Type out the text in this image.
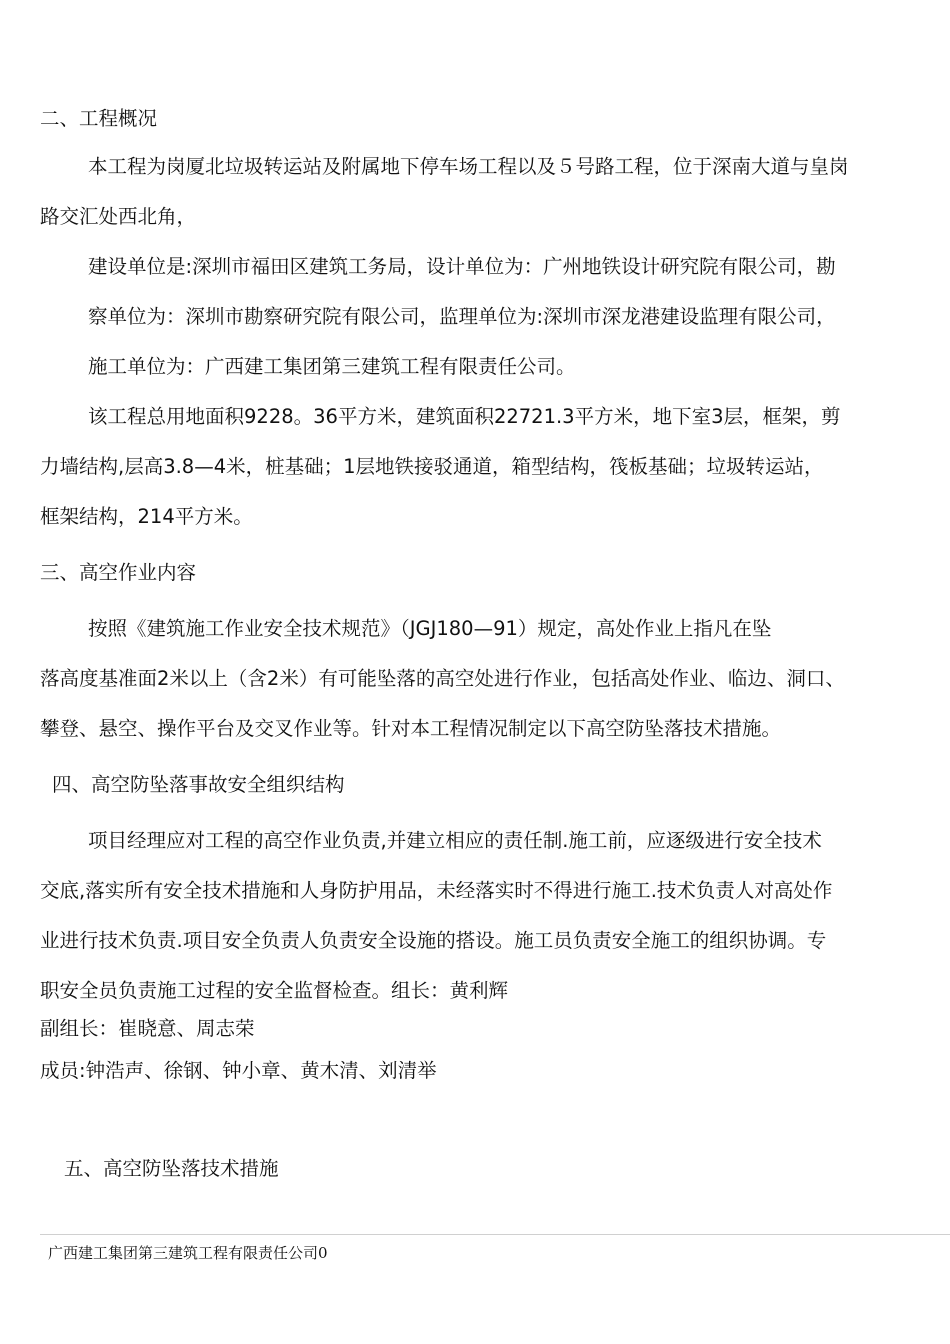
二、工程概况
本工程为岗厦北垃圾转运站及附属地下停车场工程以及５号路工程，位于深南大道与皇岗
路交汇处西北角，
建设单位是:深圳市福田区建筑工务局，设计单位为：广州地铁设计研究院有限公司，勘
察单位为：深圳市勘察研究院有限公司，监理单位为:深圳市深龙港建设监理有限公司，
施工单位为：广西建工集团第三建筑工程有限责任公司。
该工程总用地面积9228。36平方米，建筑面积22721.3平方米，地下室3层，框架，剪
力墙结构,层高3.8—4米，桩基础；1层地铁接驳通道，箱型结构，筏板基础；垃圾转运站，
框架结构，214平方米。
三、高空作业内容
按照《建筑施工作业安全技术规范》（JGJ180—91）规定，高处作业上指凡在坠
落高度基准面2米以上（含2米）有可能坠落的高空处进行作业，包括高处作业、临边、洞口、
攀登、悬空、操作平台及交叉作业等。针对本工程情况制定以下高空防坠落技术措施。
四、高空防坠落事故安全组织结构
项目经理应对工程的高空作业负责,并建立相应的责任制.施工前，应逐级进行安全技术
交底,落实所有安全技术措施和人身防护用品，未经落实时不得进行施工.技术负责人对高处作
业进行技术负责.项目安全负责人负责安全设施的搭设。施工员负责安全施工的组织协调。专
职安全员负责施工过程的安全监督检查。组长：黄利辉
副组长：崔晓意、周志荣
成员:钟浩声、徐钢、钟小章、黄木清、刘清举
五、高空防坠落技术措施
广西建工集团第三建筑工程有限责任公司0
